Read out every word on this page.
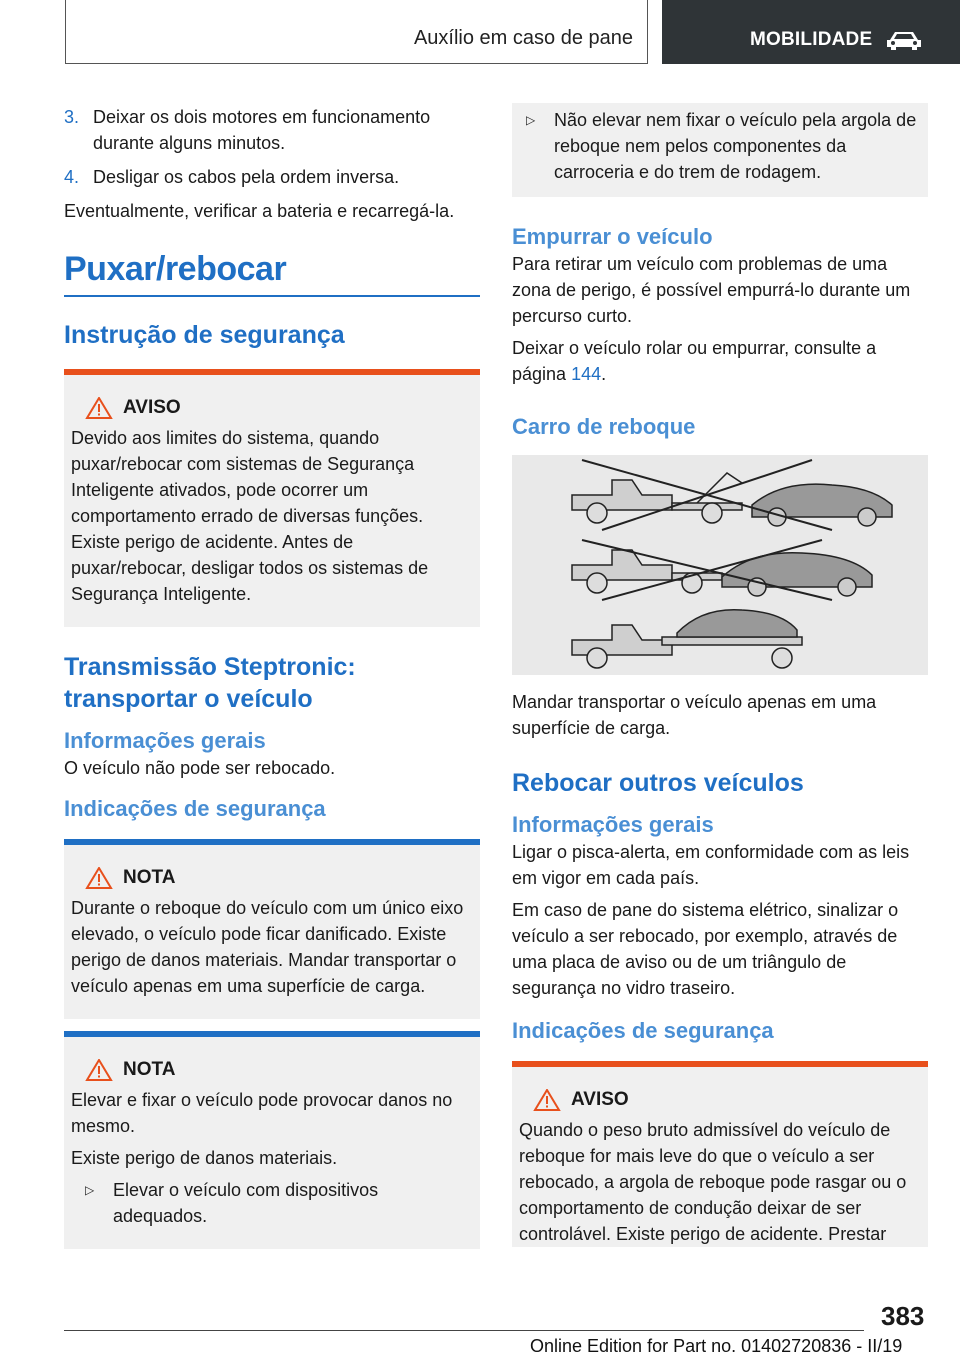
Auxílio em caso de pane	MOBILIDADE
3. Deixar os dois motores em funcionamento durante alguns minutos.
4. Desligar os cabos pela ordem inversa.

Eventualmente, verificar a bateria e recarregá-la.

Puxar/rebocar
Instrução de segurança
AVISO

Devido aos limites do sistema, quando puxar/rebocar com sistemas de Segurança Inteligente ativados, pode ocorrer um comportamento errado de diversas funções. Existe perigo de acidente. Antes de puxar/rebocar, desligar todos os sistemas de Segurança Inteligente.

Transmissão Steptronic: transportar o veículo
Informações gerais

O veículo não pode ser rebocado.

Indicações de segurança
NOTA

Durante o reboque do veículo com um único eixo elevado, o veículo pode ficar danificado. Existe perigo de danos materiais. Mandar transportar o veículo apenas em uma superfície de carga.

NOTA

Elevar e fixar o veículo pode provocar danos no mesmo.

Existe perigo de danos materiais.

▷ Elevar o veículo com dispositivos adequados.
▷ Não elevar nem fixar o veículo pela argola de reboque nem pelos componentes da carroceria e do trem de rodagem.
Empurrar o veículo

Para retirar um veículo com problemas de uma zona de perigo, é possível empurrá-lo durante um percurso curto.

Deixar o veículo rolar ou empurrar, consulte a página 144.

Carro de reboque

Mandar transportar o veículo apenas em uma superfície de carga.

Rebocar outros veículos
Informações gerais

Ligar o pisca-alerta, em conformidade com as leis em vigor em cada país.

Em caso de pane do sistema elétrico, sinalizar o veículo a ser rebocado, por exemplo, através de uma placa de aviso ou de um triângulo de segurança no vidro traseiro.

Indicações de segurança
AVISO

Quando o peso bruto admissível do veículo de reboque for mais leve do que o veículo a ser rebocado, a argola de reboque pode rasgar ou o comportamento de condução deixar de ser controlável. Existe perigo de acidente. Prestar

383
Online Edition for Part no. 01402720836 - II/19
